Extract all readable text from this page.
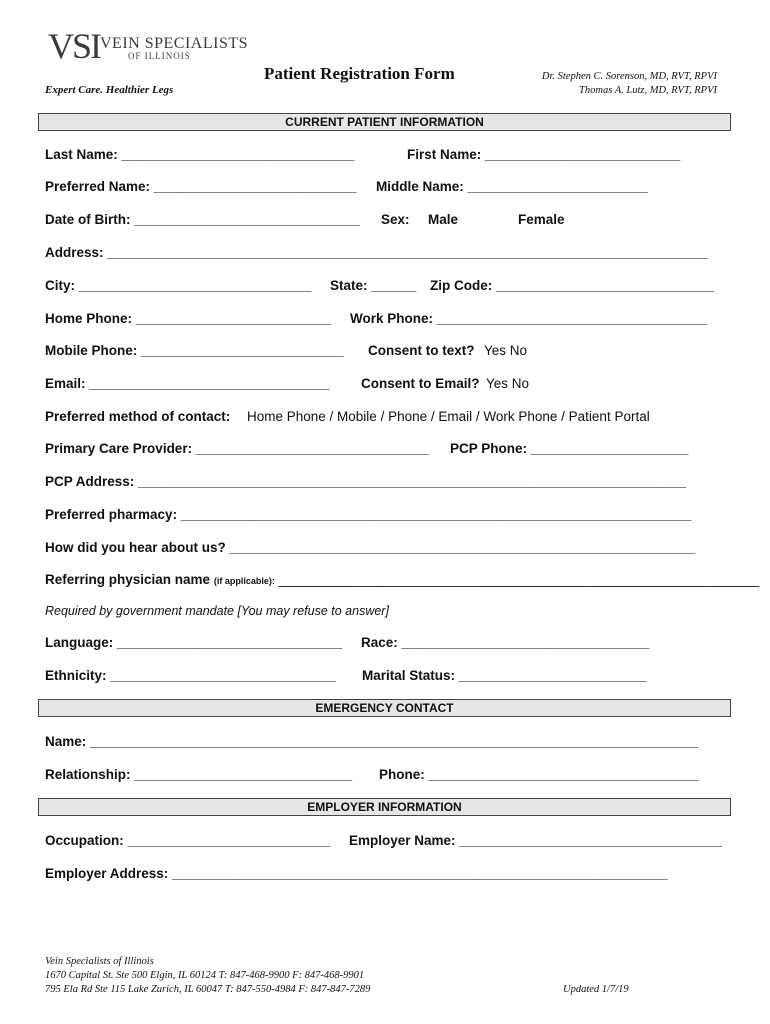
VSI VEIN SPECIALISTS
OF ILLINOIS
Expert Care. Healthier Legs
Patient Registration Form	Dr. Stephen C. Sorenson, MD, RVT, RPVI
Thomas A. Lutz, MD, RVT, RPVI
CURRENT PATIENT INFORMATION
Last Name: _______________________________	First Name: __________________________
Preferred Name: ___________________________ Middle Name: ________________________
Date of Birth: ______________________________ Sex: Male	Female
Address: ________________________________________________________________________________
City: _______________________________ State: ______ Zip Code: _____________________________
Home Phone: __________________________ Work Phone: ____________________________________
Mobile Phone: ___________________________ Consent to text? Yes No
Email: ________________________________ Consent to Email? Yes No
Preferred method of contact: Home Phone / Mobile / Phone / Email / Work Phone / Patient Portal
Primary Care Provider: _______________________________ PCP Phone: _____________________
PCP Address: _________________________________________________________________________
Preferred pharmacy: ____________________________________________________________________
How did you hear about us? ______________________________________________________________
Referring physician name (if applicable): ________________________________________________________________
Required by government mandate [You may refuse to answer]
Language: ______________________________ Race: _________________________________
Ethnicity: ______________________________ Marital Status: _________________________
EMERGENCY CONTACT
Name: _________________________________________________________________________________
Relationship: _____________________________ Phone: ____________________________________
EMPLOYER INFORMATION
Occupation: ___________________________ Employer Name: ___________________________________
Employer Address: __________________________________________________________________
Vein Specialists of Illinois
1670 Capital St. Ste 500 Elgin, IL 60124 T: 847-468-9900 F: 847-468-9901
795 Ela Rd Ste 115 Lake Zurich, IL 60047 T: 847-550-4984 F: 847-847-7289	Updated 1/7/19
